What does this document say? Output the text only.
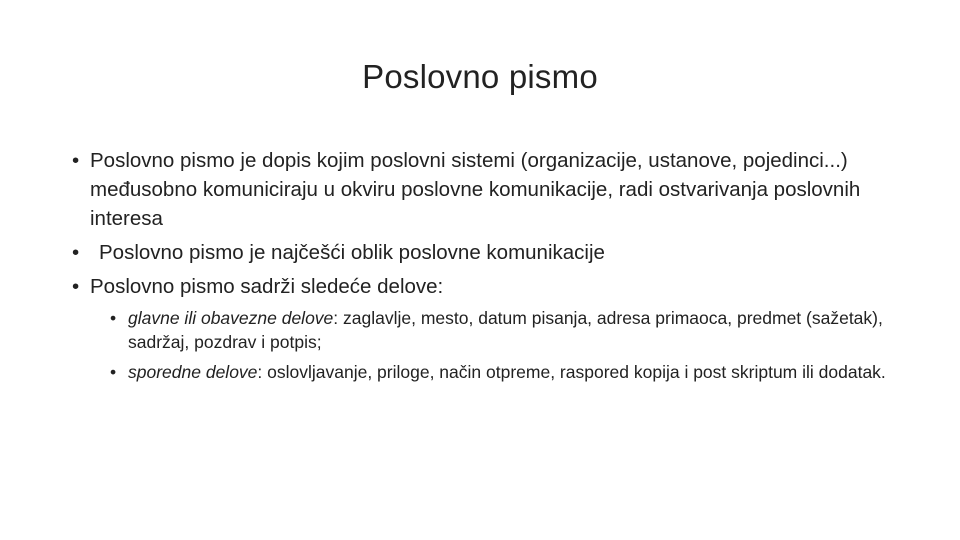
Poslovno pismo
• Poslovno pismo je dopis kojim poslovni sistemi (organizacije, ustanove, pojedinci...) međusobno komuniciraju u okviru poslovne komunikacije, radi ostvarivanja poslovnih interesa
• Poslovno pismo je najčešći oblik poslovne komunikacije
• Poslovno pismo sadrži sledeće delove:
• glavne ili obavezne delove: zaglavlje, mesto, datum pisanja, adresa primaoca, predmet (sažetak), sadržaj, pozdrav i potpis;
• sporedne delove: oslovljavanje, priloge, način otpreme, raspored kopija i post skriptum ili dodatak.
